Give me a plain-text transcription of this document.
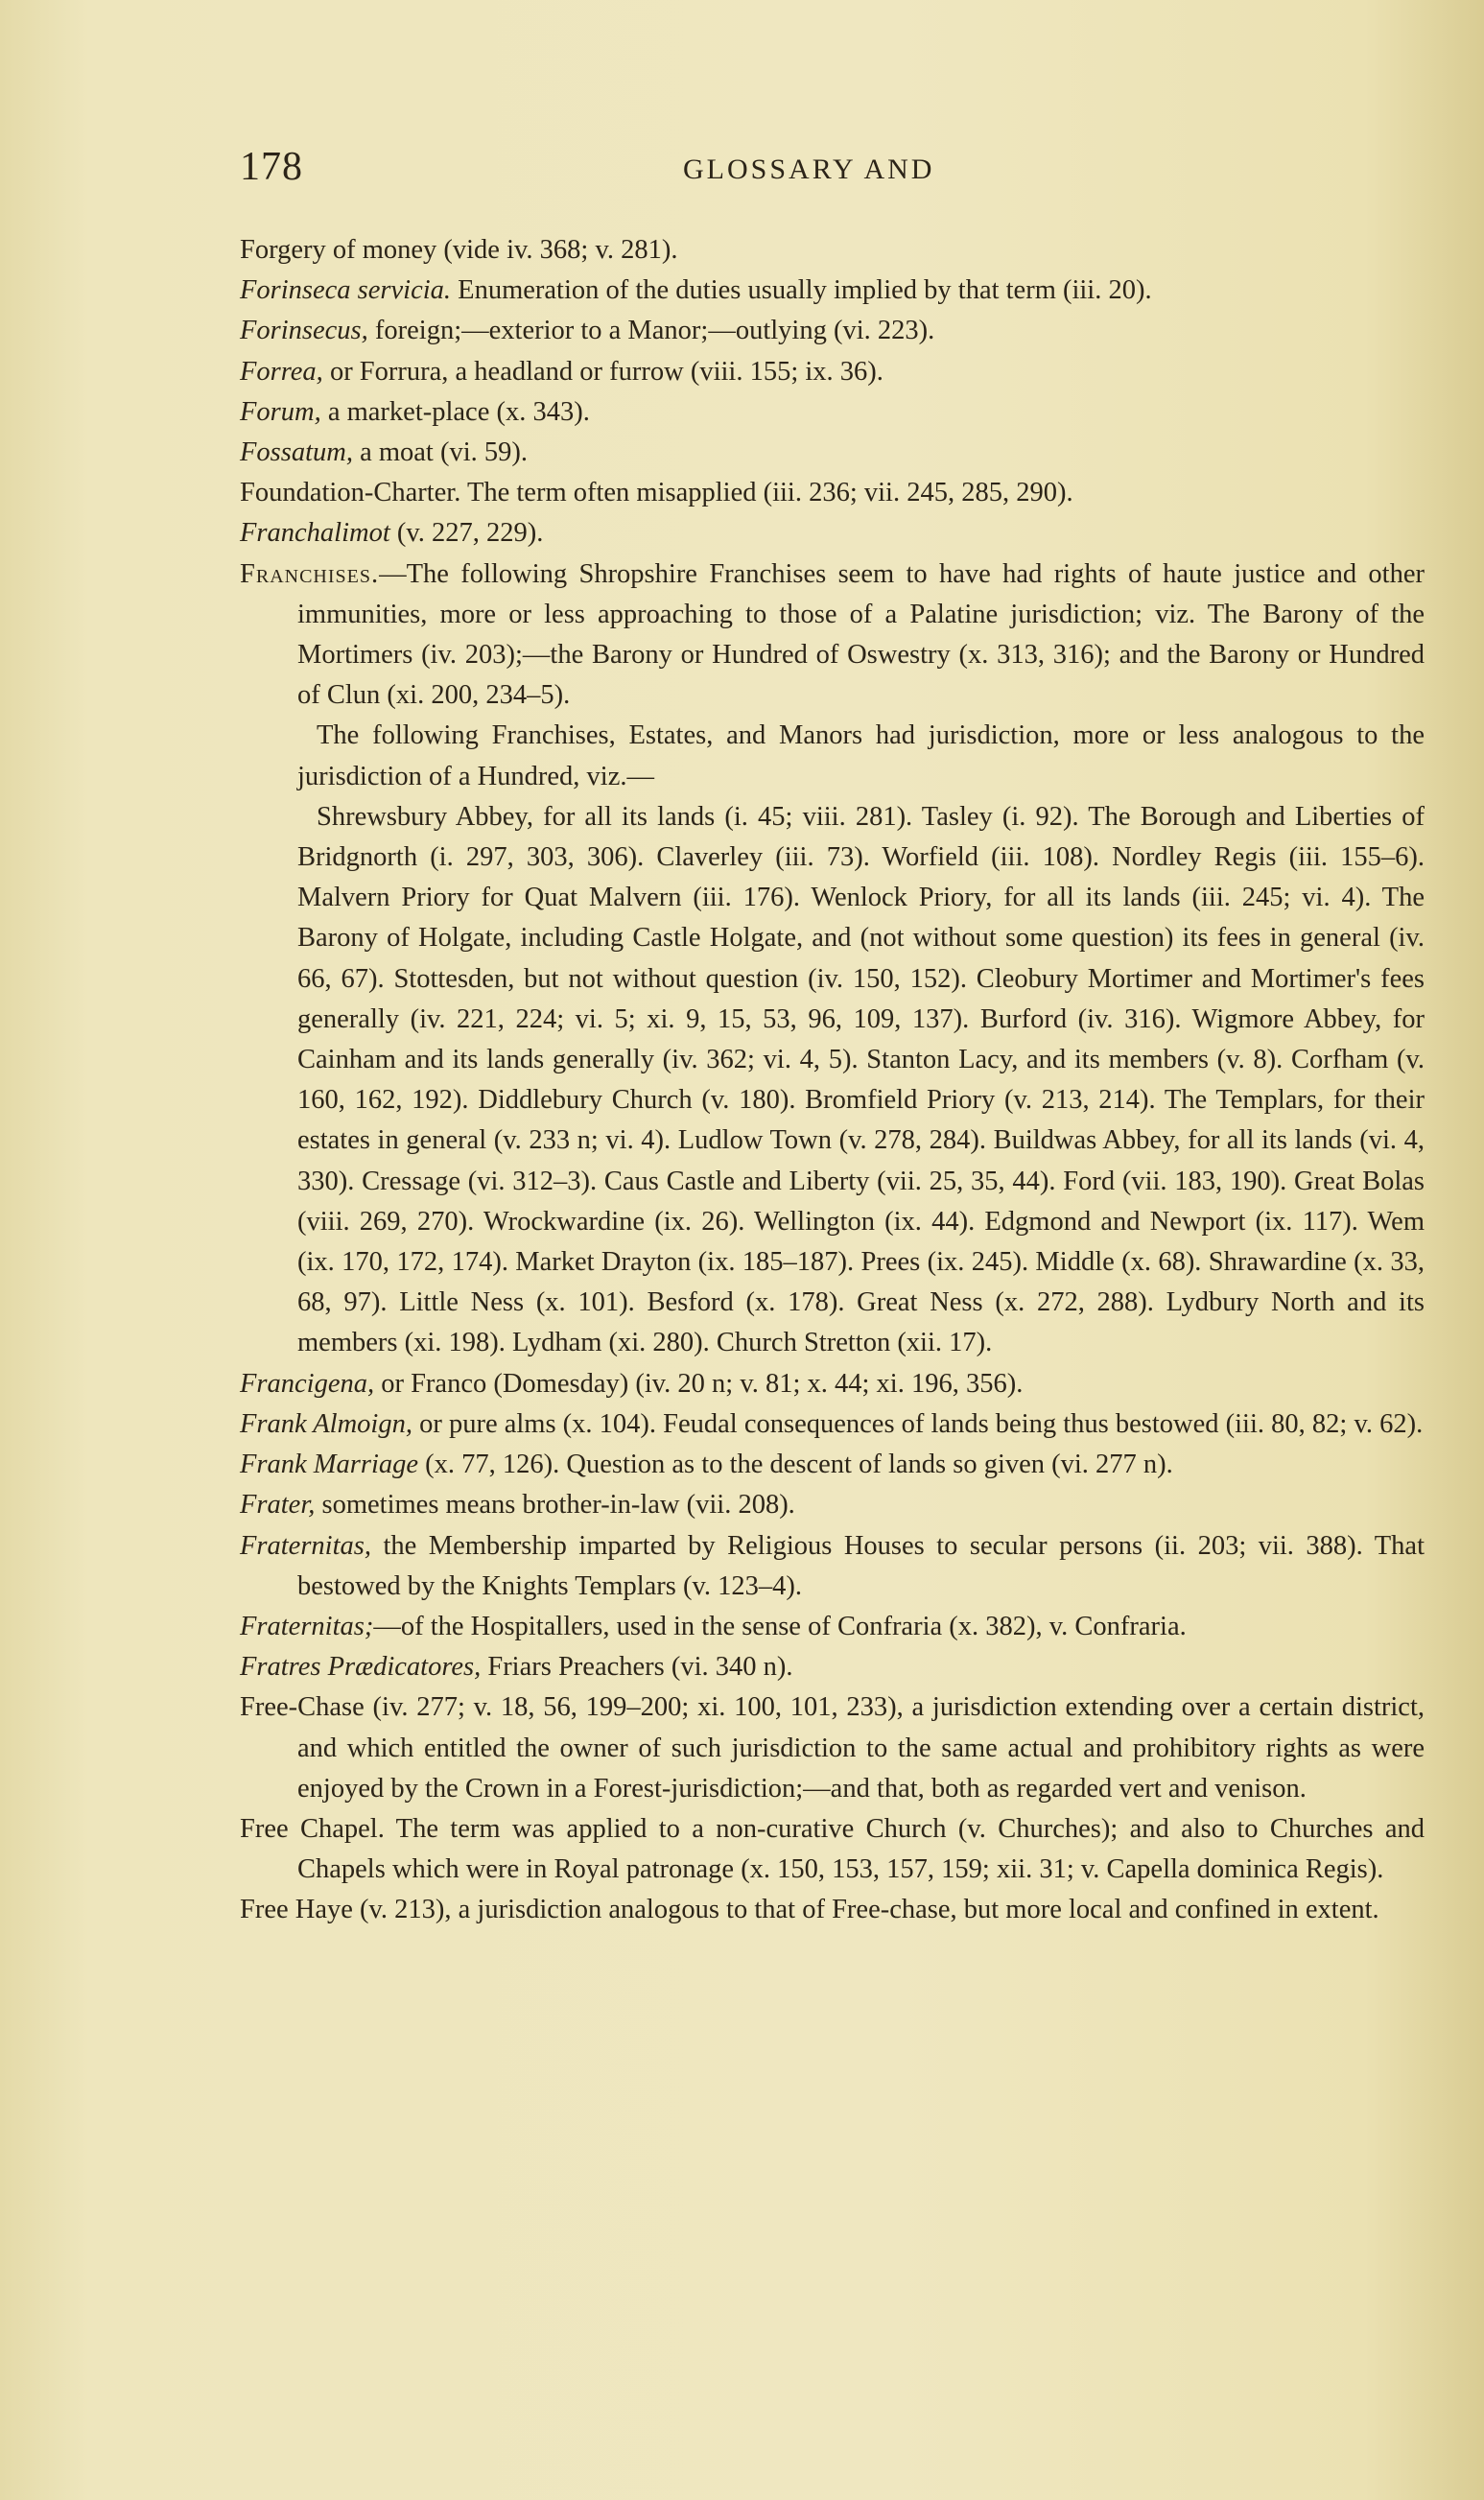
178	GLOSSARY AND

Forgery of money (vide iv. 368; v. 281).

Forinseca servicia. Enumeration of the duties usually implied by that term (iii. 20).

Forinsecus, foreign;—exterior to a Manor;—outlying (vi. 223).

Forrea, or Forrura, a headland or furrow (viii. 155; ix. 36).

Forum, a market-place (x. 343).

Fossatum, a moat (vi. 59).

Foundation-Charter. The term often misapplied (iii. 236; vii. 245, 285, 290).

Franchalimot (v. 227, 229).

Franchises.—The following Shropshire Franchises seem to have had rights of haute justice and other immunities, more or less approaching to those of a Palatine jurisdiction; viz. The Barony of the Mortimers (iv. 203);—the Barony or Hundred of Oswestry (x. 313, 316); and the Barony or Hundred of Clun (xi. 200, 234–5).

The following Franchises, Estates, and Manors had jurisdiction, more or less analogous to the jurisdiction of a Hundred, viz.—

Shrewsbury Abbey, for all its lands (i. 45; viii. 281). Tasley (i. 92). The Borough and Liberties of Bridgnorth (i. 297, 303, 306). Claverley (iii. 73). Worfield (iii. 108). Nordley Regis (iii. 155–6). Malvern Priory for Quat Malvern (iii. 176). Wenlock Priory, for all its lands (iii. 245; vi. 4). The Barony of Holgate, including Castle Holgate, and (not without some question) its fees in general (iv. 66, 67). Stottesden, but not without question (iv. 150, 152). Cleobury Mortimer and Mortimer's fees generally (iv. 221, 224; vi. 5; xi. 9, 15, 53, 96, 109, 137). Burford (iv. 316). Wigmore Abbey, for Cainham and its lands generally (iv. 362; vi. 4, 5). Stanton Lacy, and its members (v. 8). Corfham (v. 160, 162, 192). Diddlebury Church (v. 180). Bromfield Priory (v. 213, 214). The Templars, for their estates in general (v. 233 n; vi. 4). Ludlow Town (v. 278, 284). Buildwas Abbey, for all its lands (vi. 4, 330). Cressage (vi. 312–3). Caus Castle and Liberty (vii. 25, 35, 44). Ford (vii. 183, 190). Great Bolas (viii. 269, 270). Wrockwardine (ix. 26). Wellington (ix. 44). Edgmond and Newport (ix. 117). Wem (ix. 170, 172, 174). Market Drayton (ix. 185–187). Prees (ix. 245). Middle (x. 68). Shrawardine (x. 33, 68, 97). Little Ness (x. 101). Besford (x. 178). Great Ness (x. 272, 288). Lydbury North and its members (xi. 198). Lydham (xi. 280). Church Stretton (xii. 17).

Francigena, or Franco (Domesday) (iv. 20 n; v. 81; x. 44; xi. 196, 356).

Frank Almoign, or pure alms (x. 104). Feudal consequences of lands being thus bestowed (iii. 80, 82; v. 62).

Frank Marriage (x. 77, 126). Question as to the descent of lands so given (vi. 277 n).

Frater, sometimes means brother-in-law (vii. 208).

Fraternitas, the Membership imparted by Religious Houses to secular persons (ii. 203; vii. 388). That bestowed by the Knights Templars (v. 123–4).

Fraternitas;—of the Hospitallers, used in the sense of Confraria (x. 382), v. Confraria.

Fratres Prædicatores, Friars Preachers (vi. 340 n).

Free-Chase (iv. 277; v. 18, 56, 199–200; xi. 100, 101, 233), a jurisdiction extending over a certain district, and which entitled the owner of such jurisdiction to the same actual and prohibitory rights as were enjoyed by the Crown in a Forest-jurisdiction;—and that, both as regarded vert and venison.

Free Chapel. The term was applied to a non-curative Church (v. Churches); and also to Churches and Chapels which were in Royal patronage (x. 150, 153, 157, 159; xii. 31; v. Capella dominica Regis).

Free Haye (v. 213), a jurisdiction analogous to that of Free-chase, but more local and confined in extent.
